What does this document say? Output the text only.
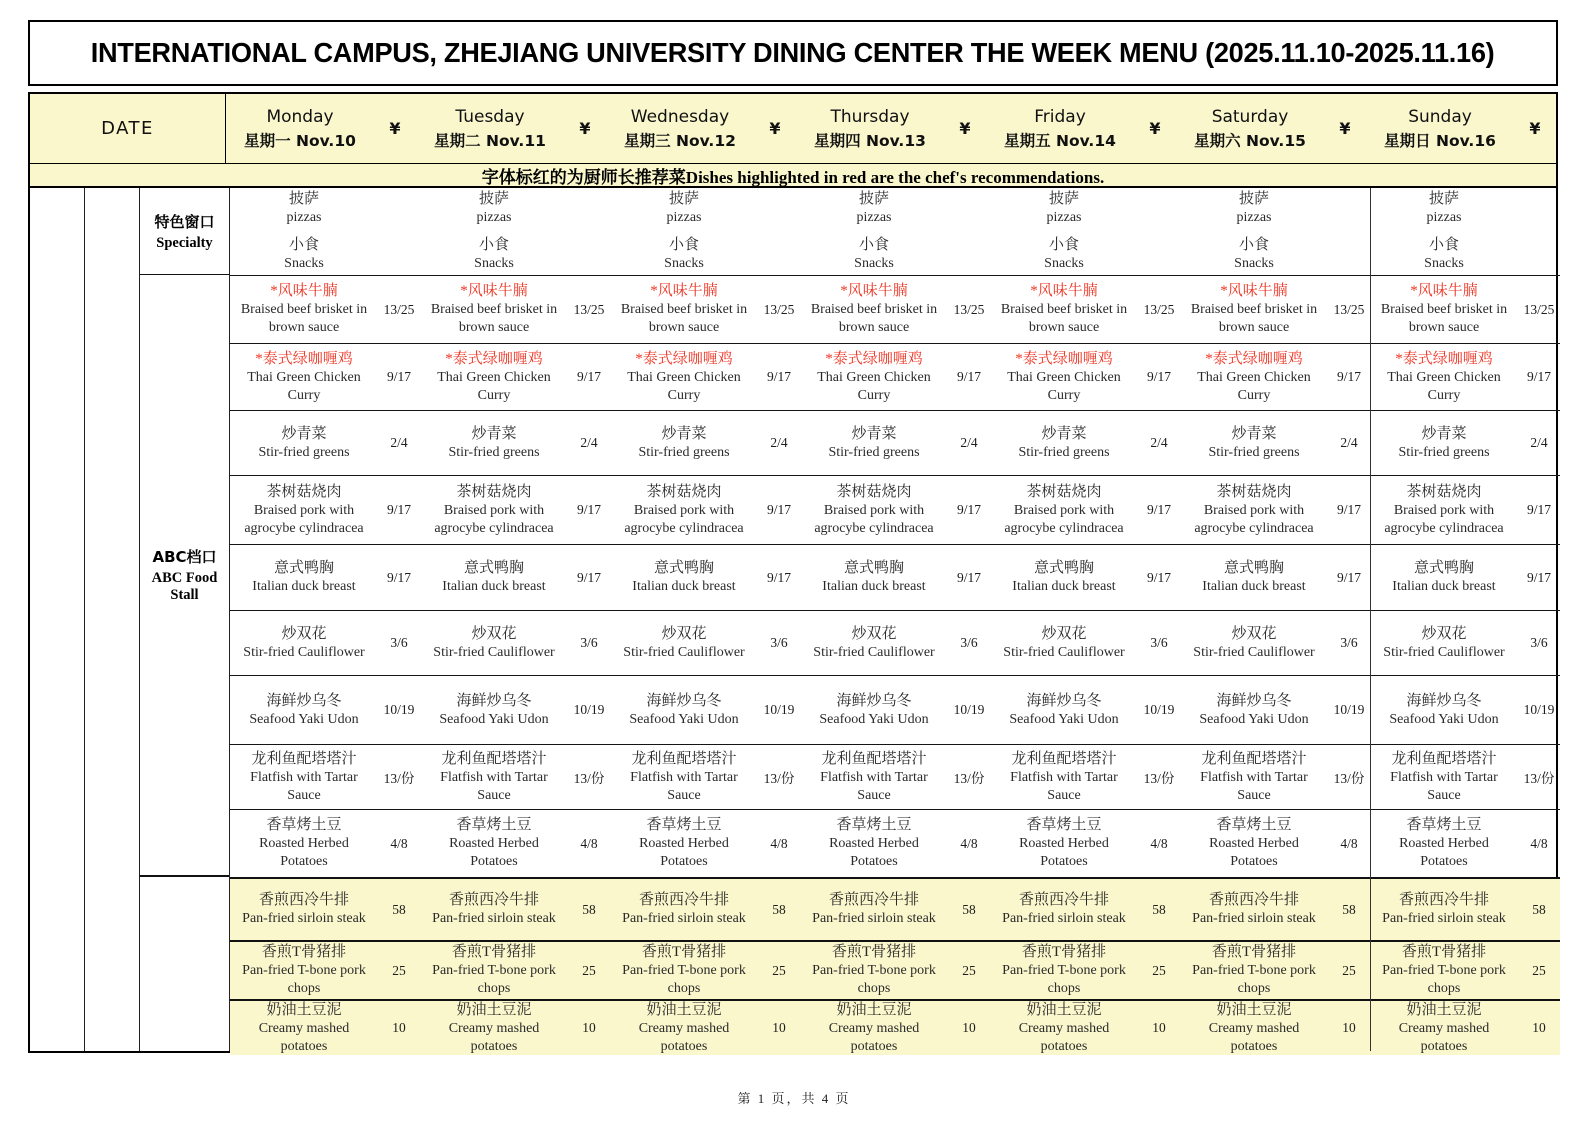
INTERNATIONAL CAMPUS, ZHEJIANG UNIVERSITY DINING CENTER THE WEEK MENU (2025.11.10-2025.11.16)
DATE
Monday
星期一 Nov.10
¥
Tuesday
星期二 Nov.11
¥
Wednesday
星期三 Nov.12
¥
Thursday
星期四 Nov.13
¥
Friday
星期五 Nov.14
¥
Saturday
星期六 Nov.15
¥
Sunday
星期日 Nov.16
¥
字体标红的为厨师长推荐菜Dishes highlighted in red are the chef's recommendations.
特色窗口
Specialty
ABC档口
ABC Food Stall
披萨
pizzas
小食
Snacks
披萨
pizzas
小食
Snacks
披萨
pizzas
小食
Snacks
披萨
pizzas
小食
Snacks
披萨
pizzas
小食
Snacks
披萨
pizzas
小食
Snacks
披萨
pizzas
小食
Snacks
*风味牛腩
Braised beef brisket in brown sauce
13/25
*风味牛腩
Braised beef brisket in brown sauce
13/25
*风味牛腩
Braised beef brisket in brown sauce
13/25
*风味牛腩
Braised beef brisket in brown sauce
13/25
*风味牛腩
Braised beef brisket in brown sauce
13/25
*风味牛腩
Braised beef brisket in brown sauce
13/25
*风味牛腩
Braised beef brisket in brown sauce
13/25
*泰式绿咖喱鸡
Thai Green Chicken Curry
9/17
*泰式绿咖喱鸡
Thai Green Chicken Curry
9/17
*泰式绿咖喱鸡
Thai Green Chicken Curry
9/17
*泰式绿咖喱鸡
Thai Green Chicken Curry
9/17
*泰式绿咖喱鸡
Thai Green Chicken Curry
9/17
*泰式绿咖喱鸡
Thai Green Chicken Curry
9/17
*泰式绿咖喱鸡
Thai Green Chicken Curry
9/17
炒青菜
Stir-fried greens
2/4
炒青菜
Stir-fried greens
2/4
炒青菜
Stir-fried greens
2/4
炒青菜
Stir-fried greens
2/4
炒青菜
Stir-fried greens
2/4
炒青菜
Stir-fried greens
2/4
炒青菜
Stir-fried greens
2/4
茶树菇烧肉
Braised pork with agrocybe cylindracea
9/17
茶树菇烧肉
Braised pork with agrocybe cylindracea
9/17
茶树菇烧肉
Braised pork with agrocybe cylindracea
9/17
茶树菇烧肉
Braised pork with agrocybe cylindracea
9/17
茶树菇烧肉
Braised pork with agrocybe cylindracea
9/17
茶树菇烧肉
Braised pork with agrocybe cylindracea
9/17
茶树菇烧肉
Braised pork with agrocybe cylindracea
9/17
意式鸭胸
Italian duck breast
9/17
意式鸭胸
Italian duck breast
9/17
意式鸭胸
Italian duck breast
9/17
意式鸭胸
Italian duck breast
9/17
意式鸭胸
Italian duck breast
9/17
意式鸭胸
Italian duck breast
9/17
意式鸭胸
Italian duck breast
9/17
炒双花
Stir-fried Cauliflower
3/6
炒双花
Stir-fried Cauliflower
3/6
炒双花
Stir-fried Cauliflower
3/6
炒双花
Stir-fried Cauliflower
3/6
炒双花
Stir-fried Cauliflower
3/6
炒双花
Stir-fried Cauliflower
3/6
炒双花
Stir-fried Cauliflower
3/6
海鲜炒乌冬
Seafood Yaki Udon
10/19
海鲜炒乌冬
Seafood Yaki Udon
10/19
海鲜炒乌冬
Seafood Yaki Udon
10/19
海鲜炒乌冬
Seafood Yaki Udon
10/19
海鲜炒乌冬
Seafood Yaki Udon
10/19
海鲜炒乌冬
Seafood Yaki Udon
10/19
海鲜炒乌冬
Seafood Yaki Udon
10/19
龙利鱼配塔塔汁
Flatfish with Tartar Sauce
13/份
龙利鱼配塔塔汁
Flatfish with Tartar Sauce
13/份
龙利鱼配塔塔汁
Flatfish with Tartar Sauce
13/份
龙利鱼配塔塔汁
Flatfish with Tartar Sauce
13/份
龙利鱼配塔塔汁
Flatfish with Tartar Sauce
13/份
龙利鱼配塔塔汁
Flatfish with Tartar Sauce
13/份
龙利鱼配塔塔汁
Flatfish with Tartar Sauce
13/份
香草烤土豆
Roasted Herbed Potatoes
4/8
香草烤土豆
Roasted Herbed Potatoes
4/8
香草烤土豆
Roasted Herbed Potatoes
4/8
香草烤土豆
Roasted Herbed Potatoes
4/8
香草烤土豆
Roasted Herbed Potatoes
4/8
香草烤土豆
Roasted Herbed Potatoes
4/8
香草烤土豆
Roasted Herbed Potatoes
4/8
香煎西冷牛排
Pan-fried sirloin steak
58
香煎西冷牛排
Pan-fried sirloin steak
58
香煎西冷牛排
Pan-fried sirloin steak
58
香煎西冷牛排
Pan-fried sirloin steak
58
香煎西冷牛排
Pan-fried sirloin steak
58
香煎西冷牛排
Pan-fried sirloin steak
58
香煎西冷牛排
Pan-fried sirloin steak
58
香煎T骨猪排
Pan-fried T-bone pork chops
25
香煎T骨猪排
Pan-fried T-bone pork chops
25
香煎T骨猪排
Pan-fried T-bone pork chops
25
香煎T骨猪排
Pan-fried T-bone pork chops
25
香煎T骨猪排
Pan-fried T-bone pork chops
25
香煎T骨猪排
Pan-fried T-bone pork chops
25
香煎T骨猪排
Pan-fried T-bone pork chops
25
奶油土豆泥
Creamy mashed potatoes
10
奶油土豆泥
Creamy mashed potatoes
10
奶油土豆泥
Creamy mashed potatoes
10
奶油土豆泥
Creamy mashed potatoes
10
奶油土豆泥
Creamy mashed potatoes
10
奶油土豆泥
Creamy mashed potatoes
10
奶油土豆泥
Creamy mashed potatoes
10
第 1 页，共 4 页
